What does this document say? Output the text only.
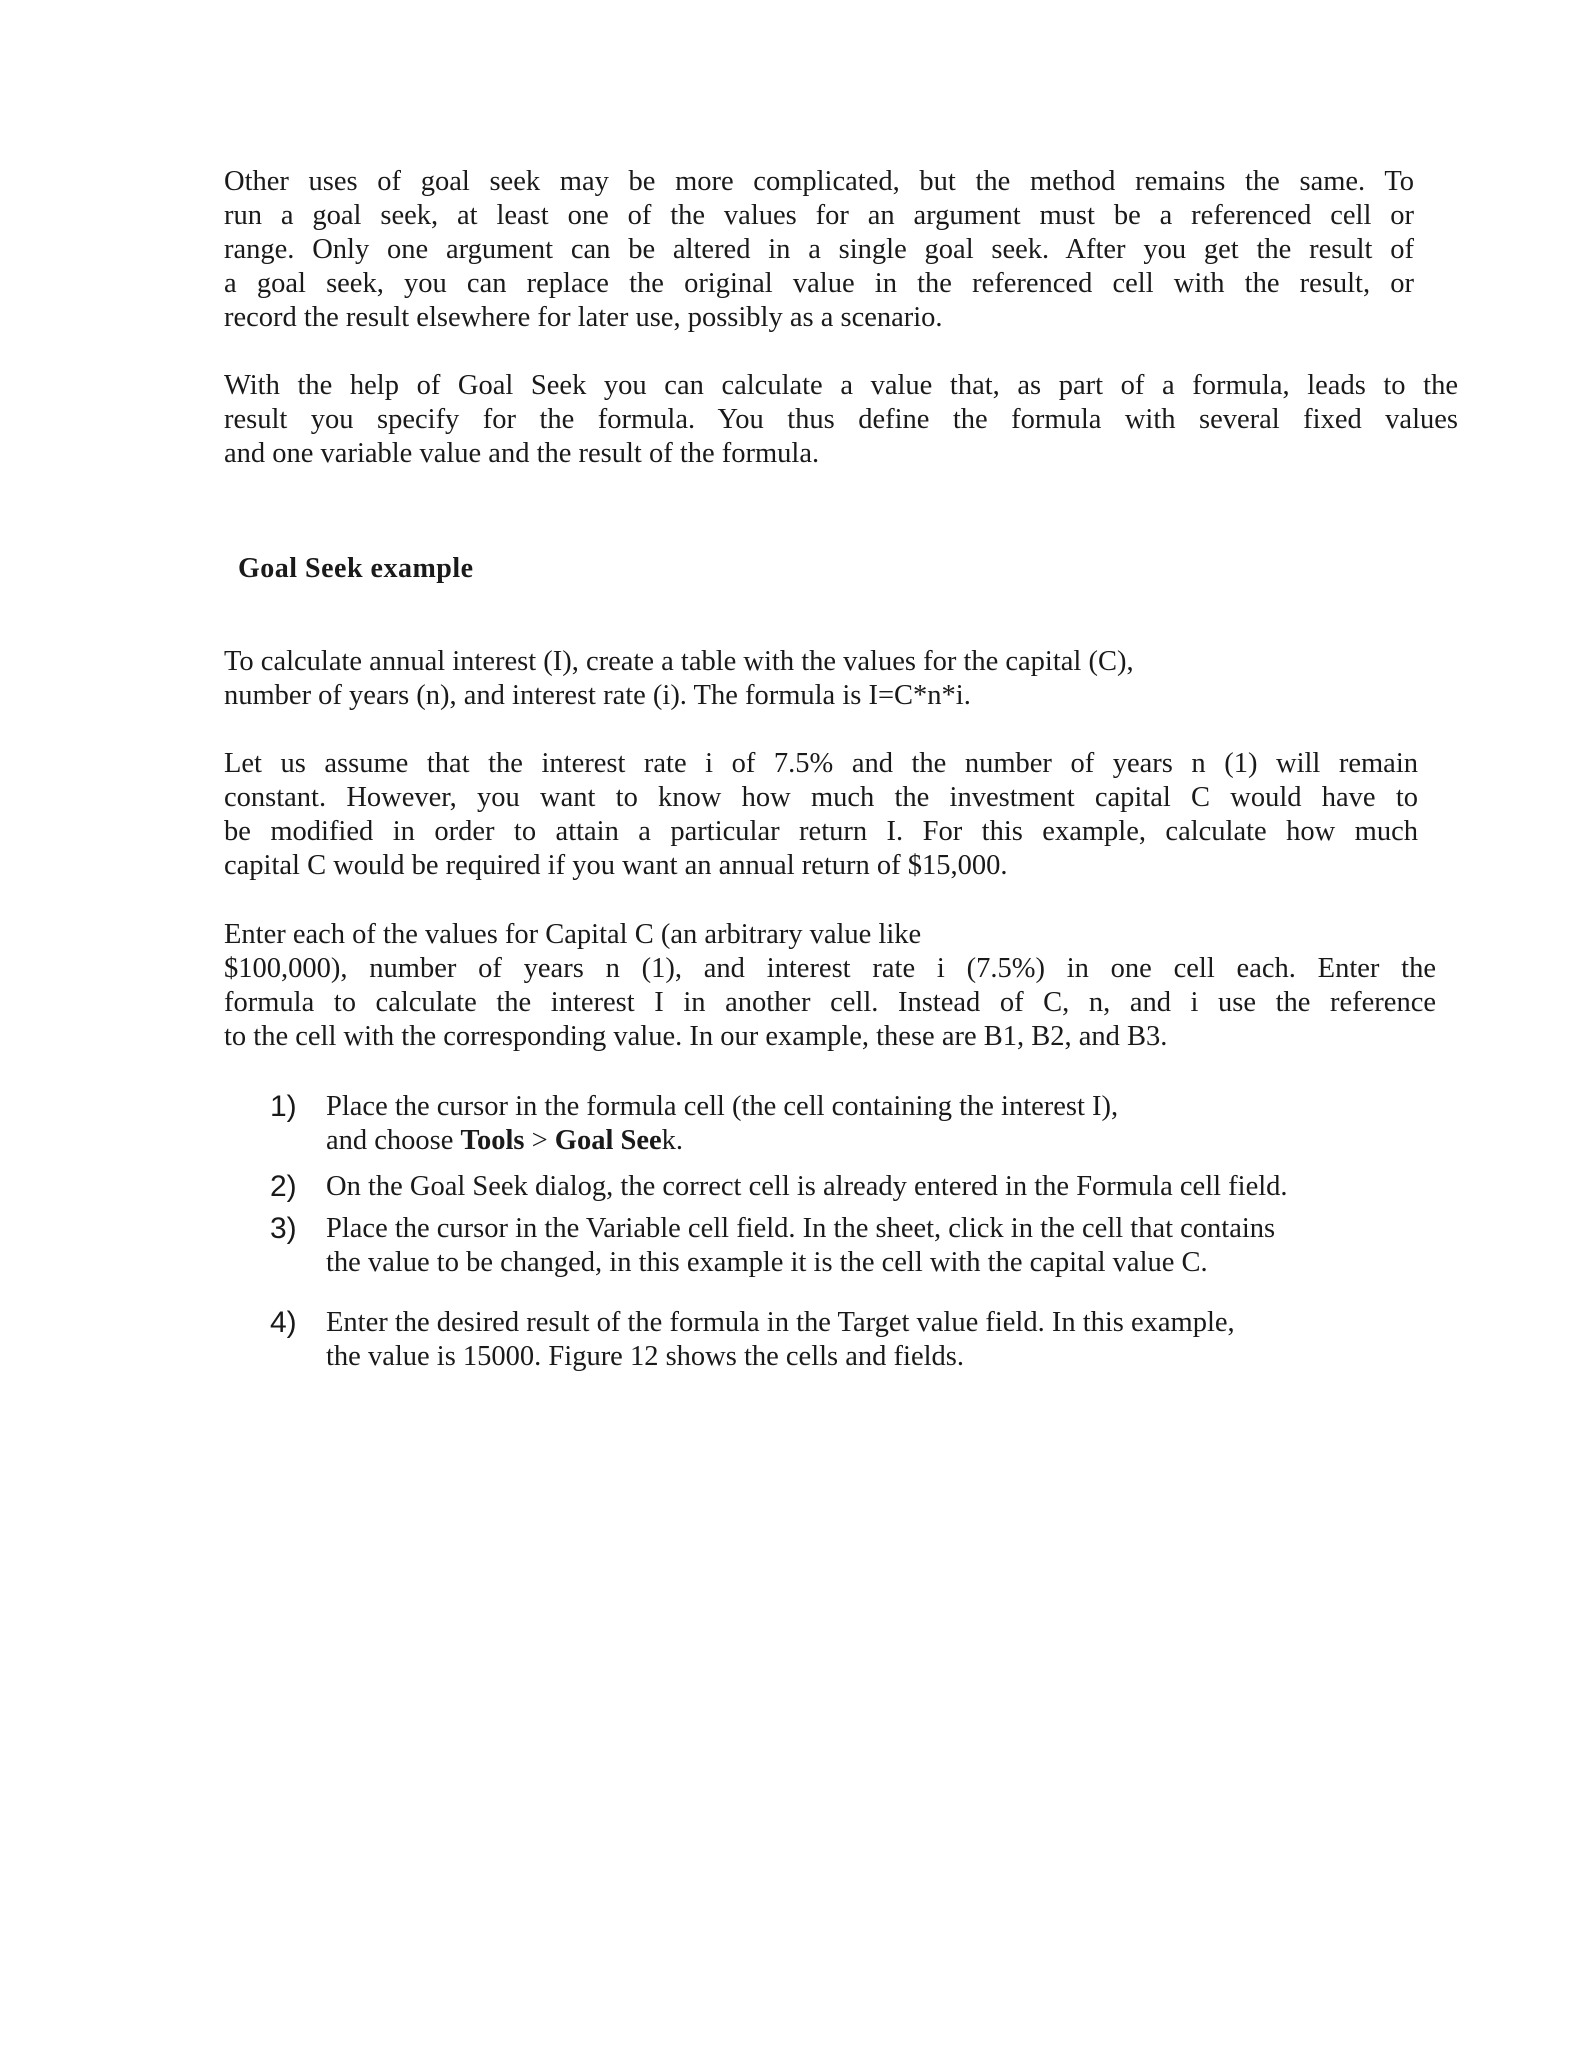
Other uses of goal seek may be more complicated, but the method remains the same. To
run a goal seek, at least one of the values for an argument must be a referenced cell or
range. Only one argument can be altered in a single goal seek. After you get the result of
a goal seek, you can replace the original value in the referenced cell with the result, or
record the result elsewhere for later use, possibly as a scenario.
With the help of Goal Seek you can calculate a value that, as part of a formula, leads to the
result you specify for the formula. You thus define the formula with several fixed values
and one variable value and the result of the formula.
Goal Seek example
To calculate annual interest (I), create a table with the values for the capital (C),
number of years (n), and interest rate (i). The formula is I=C*n*i.
Let us assume that the interest rate i of 7.5% and the number of years n (1) will remain
constant. However, you want to know how much the investment capital C would have to
be modified in order to attain a particular return I. For this example, calculate how much
capital C would be required if you want an annual return of $15,000.
Enter each of the values for Capital C (an arbitrary value like
$100,000), number of years n (1), and interest rate i (7.5%) in one cell each. Enter the
formula to calculate the interest I in another cell. Instead of C, n, and i use the reference
to the cell with the corresponding value. In our example, these are B1, B2, and B3.
1) Place the cursor in the formula cell (the cell containing the interest I),
and choose Tools > Goal Seek.
2) On the Goal Seek dialog, the correct cell is already entered in the Formula cell field.
3) Place the cursor in the Variable cell field. In the sheet, click in the cell that contains
the value to be changed, in this example it is the cell with the capital value C.
4) Enter the desired result of the formula in the Target value field. In this example,
the value is 15000. Figure 12 shows the cells and fields.
